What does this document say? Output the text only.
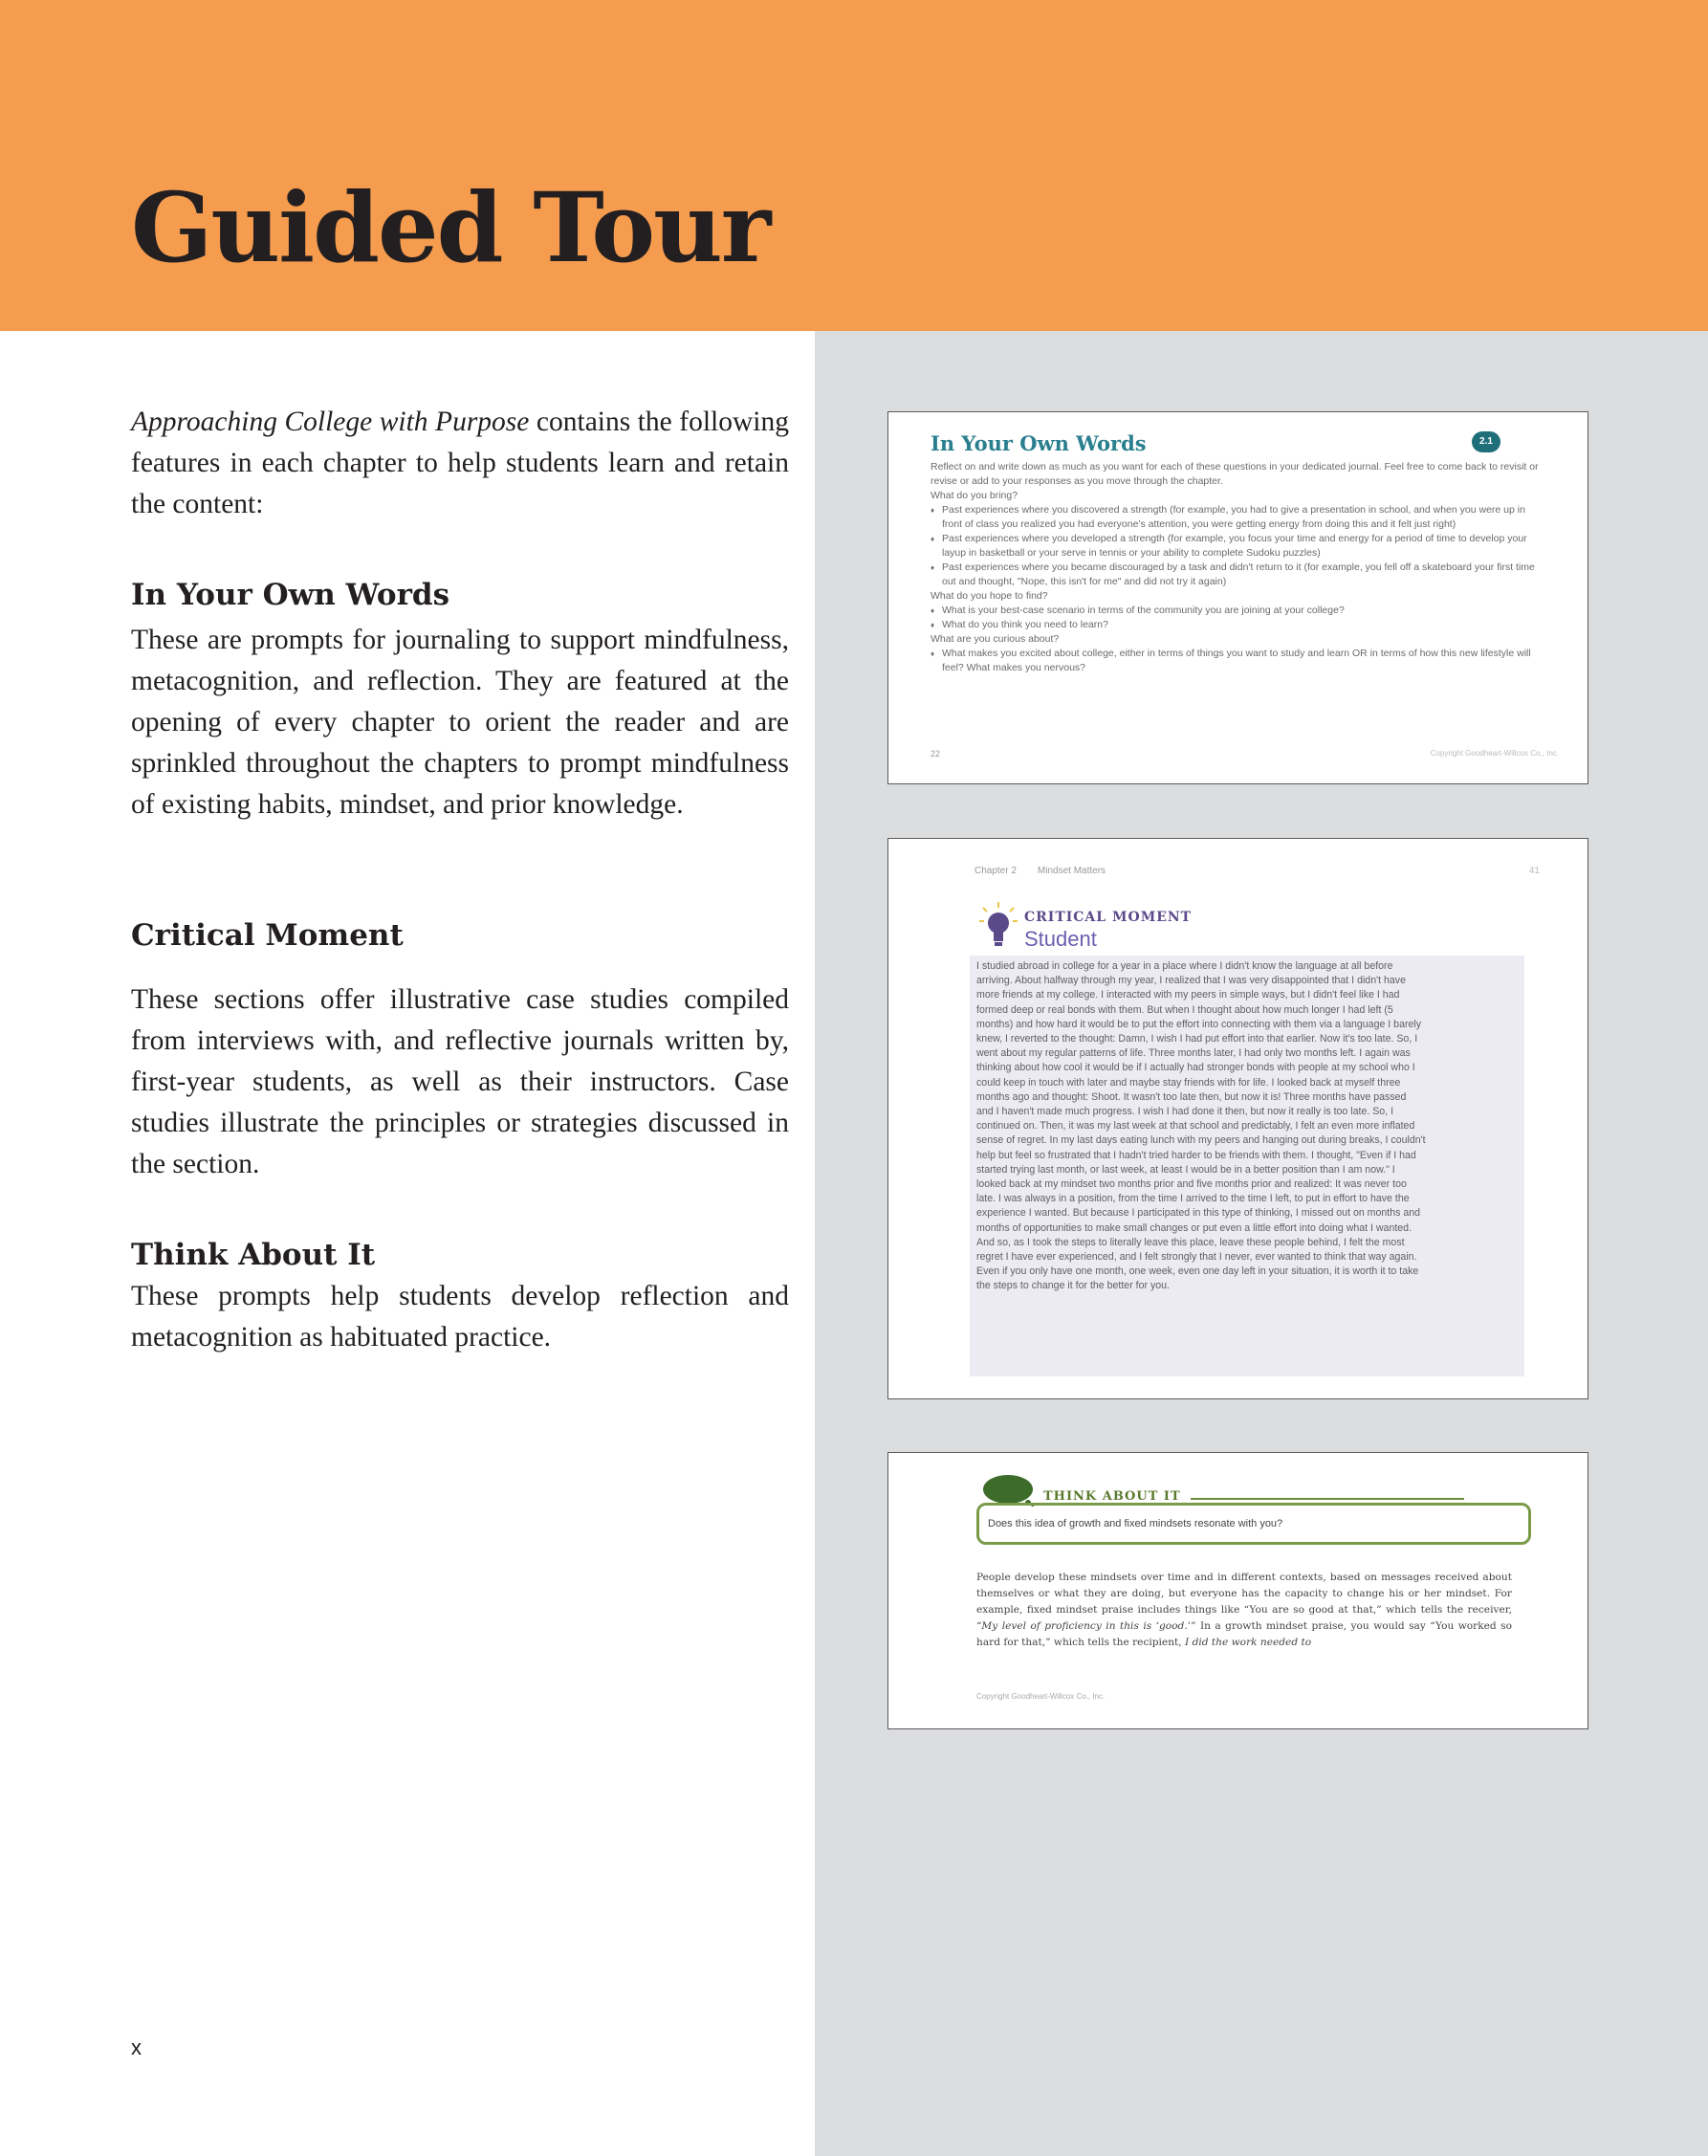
Guided Tour

Approaching College with Purpose contains the following features in each chapter to help students learn and retain the content:

In Your Own Words

These are prompts for journaling to support mindfulness, metacognition, and reflection. They are featured at the opening of every chapter to orient the reader and are sprinkled throughout the chapters to prompt mindfulness of existing habits, mindset, and prior knowledge.

Critical Moment

These sections offer illustrative case studies compiled from interviews with, and reflective journals written by, first-year students, as well as their instructors. Case studies illustrate the principles or strategies discussed in the section.

Think About It

These prompts help students develop reflection and metacognition as habituated practice.

x
In Your Own Words	2.1
Reflect on and write down as much as you want for each of these questions in your dedicated journal. Feel free to come back to revisit or revise or add to your responses as you move through the chapter.
What do you bring?
♦ Past experiences where you discovered a strength (for example, you had to give a presentation in school, and when you were up in front of class you realized you had everyone's attention, you were getting energy from doing this and it felt just right)
♦ Past experiences where you developed a strength (for example, you focus your time and energy for a period of time to develop your layup in basketball or your serve in tennis or your ability to complete Sudoku puzzles)
♦ Past experiences where you became discouraged by a task and didn't return to it (for example, you fell off a skateboard your first time out and thought, "Nope, this isn't for me" and did not try it again)
What do you hope to find?
♦ What is your best-case scenario in terms of the community you are joining at your college?
♦ What do you think you need to learn?
What are you curious about?
♦ What makes you excited about college, either in terms of things you want to study and learn OR in terms of how this new lifestyle will feel? What makes you nervous?
22	Copyright Goodheart-Willcox Co., Inc.
Chapter 2 Mindset Matters	41
CRITICAL MOMENT
Student
I studied abroad in college for a year in a place where I didn't know the language at all before arriving. About halfway through my year, I realized that I was very disappointed that I didn't have more friends at my college. I interacted with my peers in simple ways, but I didn't feel like I had formed deep or real bonds with them. But when I thought about how much longer I had left (5 months) and how hard it would be to put the effort into connecting with them via a language I barely knew, I reverted to the thought: Damn, I wish I had put effort into that earlier. Now it's too late. So, I went about my regular patterns of life. Three months later, I had only two months left. I again was thinking about how cool it would be if I actually had stronger bonds with people at my school who I could keep in touch with later and maybe stay friends with for life. I looked back at myself three months ago and thought: Shoot. It wasn't too late then, but now it is! Three months have passed and I haven't made much progress. I wish I had done it then, but now it really is too late. So, I continued on. Then, it was my last week at that school and predictably, I felt an even more inflated sense of regret. In my last days eating lunch with my peers and hanging out during breaks, I couldn't help but feel so frustrated that I hadn't tried harder to be friends with them. I thought, "Even if I had started trying last month, or last week, at least I would be in a better position than I am now." I looked back at my mindset two months prior and five months prior and realized: It was never too late. I was always in a position, from the time I arrived to the time I left, to put in effort to have the experience I wanted. But because I participated in this type of thinking, I missed out on months and months of opportunities to make small changes or put even a little effort into doing what I wanted. And so, as I took the steps to literally leave this place, leave these people behind, I felt the most regret I have ever experienced, and I felt strongly that I never, ever wanted to think that way again. Even if you only have one month, one week, even one day left in your situation, it is worth it to take the steps to change it for the better for you.
THINK ABOUT IT
Does this idea of growth and fixed mindsets resonate with you?
People develop these mindsets over time and in different contexts, based on messages received about themselves or what they are doing, but everyone has the capacity to change his or her mindset. For example, fixed mindset praise includes things like “You are so good at that,” which tells the receiver, “My level of proficiency in this is ‘good.’” In a growth mindset praise, you would say “You worked so hard for that,” which tells the recipient, I did the work needed to
Copyright Goodheart-Willcox Co., Inc.
